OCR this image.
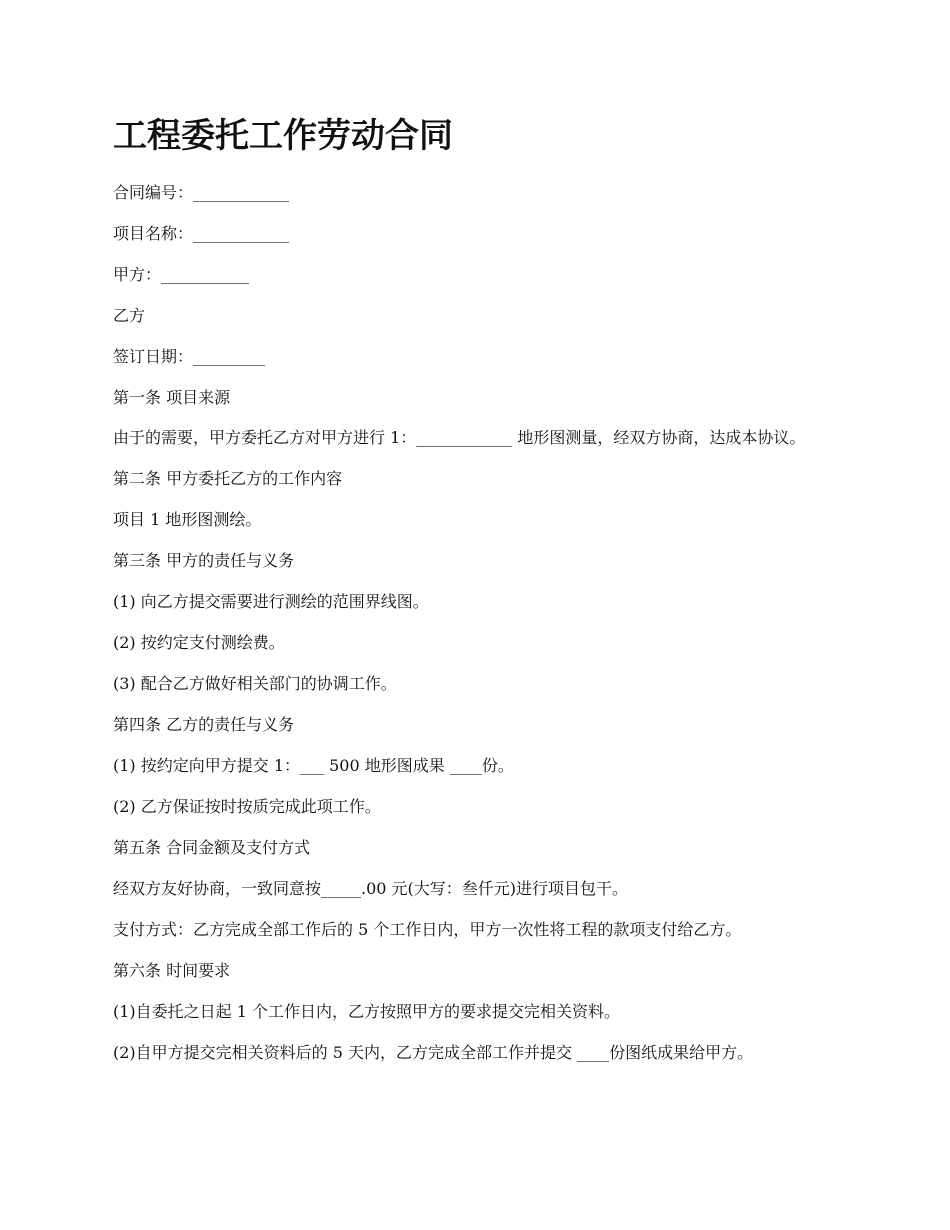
工程委托工作劳动合同

合同编号：____________

项目名称：____________

甲方：___________

乙方

签订日期：_________

第一条 项目来源

由于的需要，甲方委托乙方对甲方进行 1：____________ 地形图测量，经双方协商，达成本协议。

第二条 甲方委托乙方的工作内容

项目 1 地形图测绘。

第三条 甲方的责任与义务

(1) 向乙方提交需要进行测绘的范围界线图。

(2) 按约定支付测绘费。

(3) 配合乙方做好相关部门的协调工作。

第四条 乙方的责任与义务

(1) 按约定向甲方提交 1：___ 500 地形图成果 ____份。

(2) 乙方保证按时按质完成此项工作。

第五条 合同金额及支付方式

经双方友好协商，一致同意按_____.00 元(大写：叁仟元)进行项目包干。

支付方式：乙方完成全部工作后的 5 个工作日内，甲方一次性将工程的款项支付给乙方。

第六条 时间要求

(1)自委托之日起 1 个工作日内，乙方按照甲方的要求提交完相关资料。

(2)自甲方提交完相关资料后的 5 天内，乙方完成全部工作并提交 ____份图纸成果给甲方。
